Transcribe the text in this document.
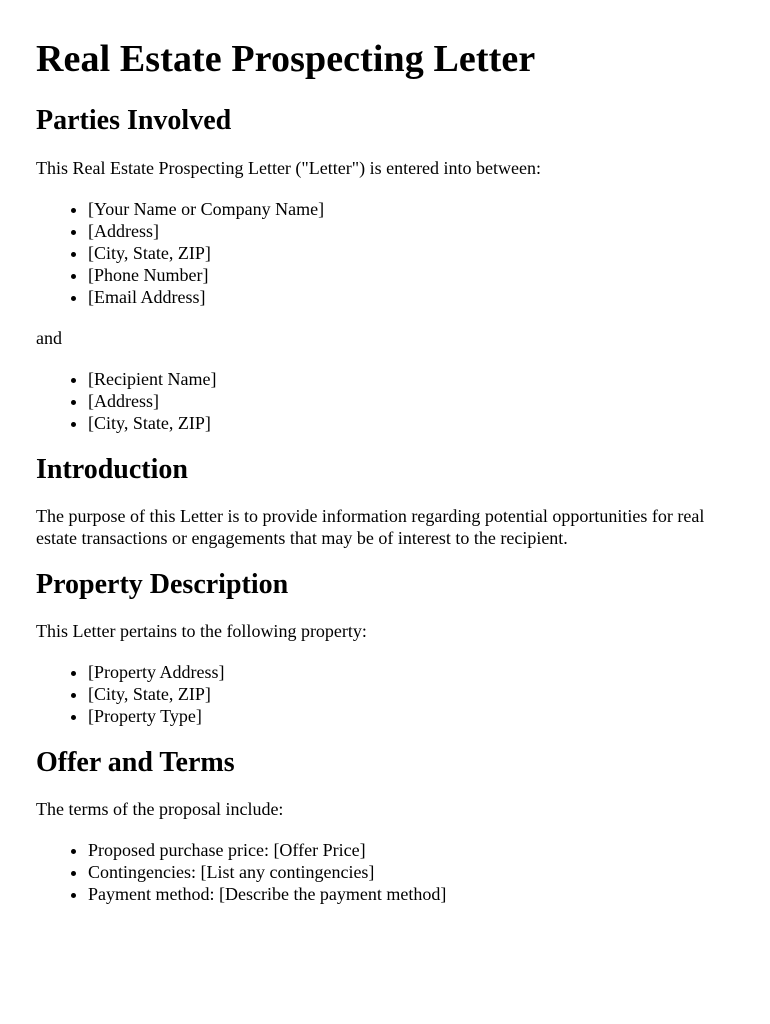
Real Estate Prospecting Letter
Parties Involved

This Real Estate Prospecting Letter ("Letter") is entered into between:

• [Your Name or Company Name]
• [Address]
• [City, State, ZIP]
• [Phone Number]
• [Email Address]

and

• [Recipient Name]
• [Address]
• [City, State, ZIP]
Introduction

The purpose of this Letter is to provide information regarding potential opportunities for real estate transactions or engagements that may be of interest to the recipient.

Property Description

This Letter pertains to the following property:

• [Property Address]
• [City, State, ZIP]
• [Property Type]
Offer and Terms

The terms of the proposal include:

• Proposed purchase price: [Offer Price]
• Contingencies: [List any contingencies]
• Payment method: [Describe the payment method]
